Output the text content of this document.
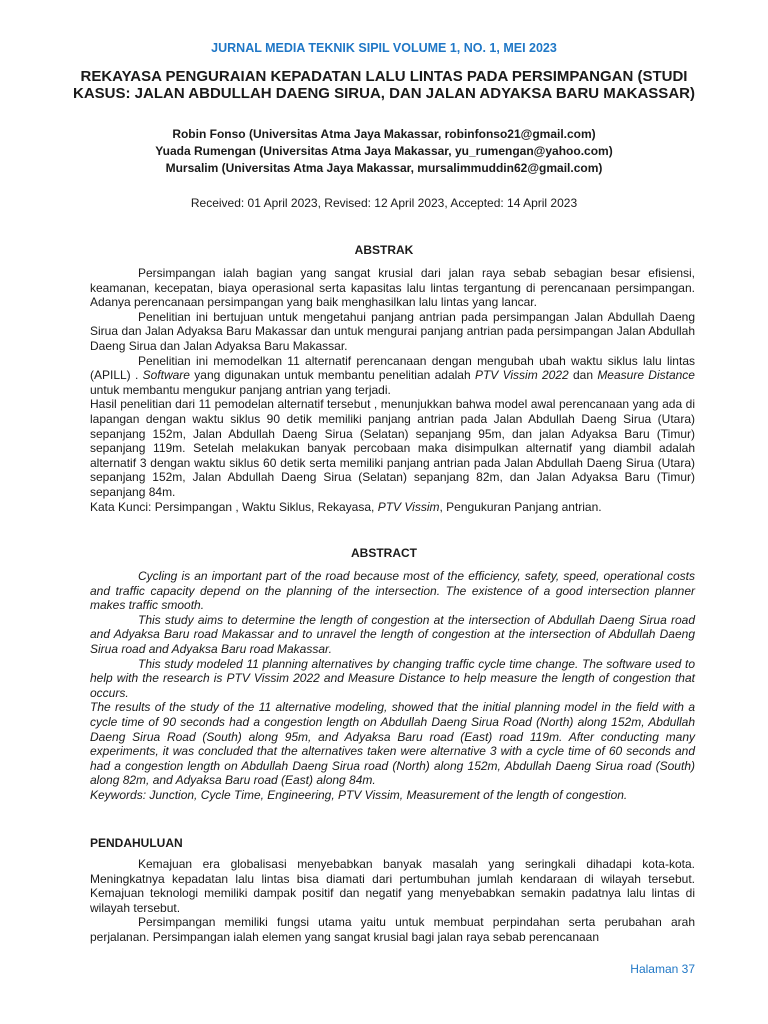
JURNAL MEDIA TEKNIK SIPIL VOLUME 1, NO. 1, MEI 2023
REKAYASA PENGURAIAN KEPADATAN LALU LINTAS PADA PERSIMPANGAN (STUDI KASUS: JALAN ABDULLAH DAENG SIRUA, DAN JALAN ADYAKSA BARU MAKASSAR)
Robin Fonso (Universitas Atma Jaya Makassar, robinfonso21@gmail.com)
Yuada Rumengan (Universitas Atma Jaya Makassar, yu_rumengan@yahoo.com)
Mursalim (Universitas Atma Jaya Makassar, mursalimmuddin62@gmail.com)
Received: 01 April 2023, Revised: 12 April 2023, Accepted: 14 April 2023
ABSTRAK

Persimpangan ialah bagian yang sangat krusial dari jalan raya sebab sebagian besar efisiensi, keamanan, kecepatan, biaya operasional serta kapasitas lalu lintas tergantung di perencanaan persimpangan. Adanya perencanaan persimpangan yang baik menghasilkan lalu lintas yang lancar.

Penelitian ini bertujuan untuk mengetahui panjang antrian pada persimpangan Jalan Abdullah Daeng Sirua dan Jalan Adyaksa Baru Makassar dan untuk mengurai panjang antrian pada persimpangan Jalan Abdullah Daeng Sirua dan Jalan Adyaksa Baru Makassar.

Penelitian ini memodelkan 11 alternatif perencanaan dengan mengubah ubah waktu siklus lalu lintas (APILL) . Software yang digunakan untuk membantu penelitian adalah PTV Vissim 2022 dan Measure Distance untuk membantu mengukur panjang antrian yang terjadi.

Hasil penelitian dari 11 pemodelan alternatif tersebut , menunjukkan bahwa model awal perencanaan yang ada di lapangan dengan waktu siklus 90 detik memiliki panjang antrian pada Jalan Abdullah Daeng Sirua (Utara) sepanjang 152m, Jalan Abdullah Daeng Sirua (Selatan) sepanjang 95m, dan jalan Adyaksa Baru (Timur) sepanjang 119m. Setelah melakukan banyak percobaan maka disimpulkan alternatif yang diambil adalah alternatif 3 dengan waktu siklus 60 detik serta memiliki panjang antrian pada Jalan Abdullah Daeng Sirua (Utara) sepanjang 152m, Jalan Abdullah Daeng Sirua (Selatan) sepanjang 82m, dan Jalan Adyaksa Baru (Timur) sepanjang 84m.

Kata Kunci: Persimpangan , Waktu Siklus, Rekayasa, PTV Vissim, Pengukuran Panjang antrian.
ABSTRACT

Cycling is an important part of the road because most of the efficiency, safety, speed, operational costs and traffic capacity depend on the planning of the intersection. The existence of a good intersection planner makes traffic smooth.

This study aims to determine the length of congestion at the intersection of Abdullah Daeng Sirua road and Adyaksa Baru road Makassar and to unravel the length of congestion at the intersection of Abdullah Daeng Sirua road and Adyaksa Baru road Makassar.

This study modeled 11 planning alternatives by changing traffic cycle time change. The software used to help with the research is PTV Vissim 2022 and Measure Distance to help measure the length of congestion that occurs.

The results of the study of the 11 alternative modeling, showed that the initial planning model in the field with a cycle time of 90 seconds had a congestion length on Abdullah Daeng Sirua Road (North) along 152m, Abdullah Daeng Sirua Road (South) along 95m, and Adyaksa Baru road (East) road 119m. After conducting many experiments, it was concluded that the alternatives taken were alternative 3 with a cycle time of 60 seconds and had a congestion length on Abdullah Daeng Sirua road (North) along 152m, Abdullah Daeng Sirua road (South) along 82m, and Adyaksa Baru road (East) along 84m.

Keywords: Junction, Cycle Time, Engineering, PTV Vissim, Measurement of the length of congestion.
PENDAHULUAN

Kemajuan era globalisasi menyebabkan banyak masalah yang seringkali dihadapi kota-kota. Meningkatnya kepadatan lalu lintas bisa diamati dari pertumbuhan jumlah kendaraan di wilayah tersebut. Kemajuan teknologi memiliki dampak positif dan negatif yang menyebabkan semakin padatnya lalu lintas di wilayah tersebut.

Persimpangan memiliki fungsi utama yaitu untuk membuat perpindahan serta perubahan arah perjalanan. Persimpangan ialah elemen yang sangat krusial bagi jalan raya sebab perencanaan

Halaman 37
